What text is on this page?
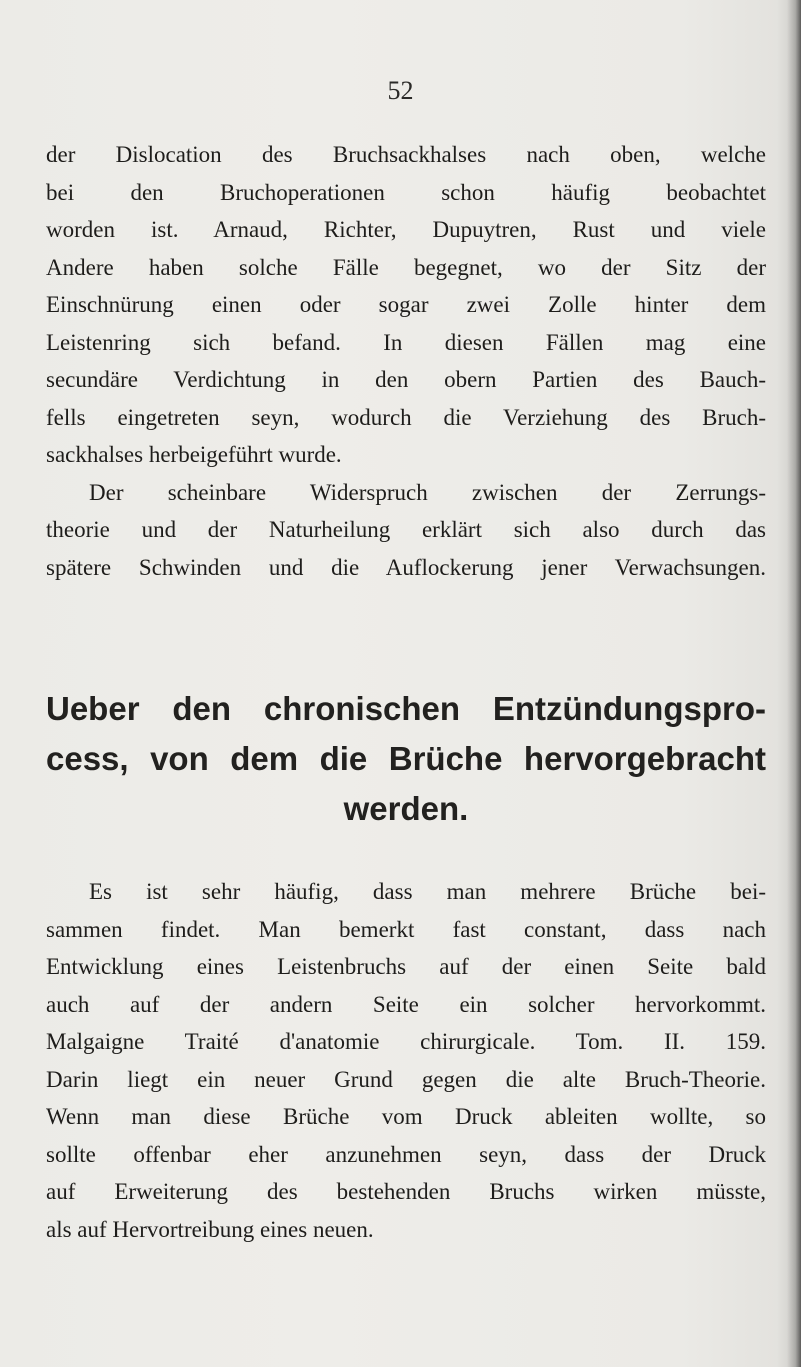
52
der Dislocation des Bruchsackhalses nach oben, welche
bei den Bruchoperationen schon häufig beobachtet
worden ist. Arnaud, Richter, Dupuytren, Rust und viele
Andere haben solche Fälle begegnet, wo der Sitz der
Einschnürung einen oder sogar zwei Zolle hinter dem
Leistenring sich befand. In diesen Fällen mag eine
secundäre Verdichtung in den obern Partien des Bauch-
fells eingetreten seyn, wodurch die Verziehung des Bruch-
sackhalses herbeigeführt wurde.
Der scheinbare Widerspruch zwischen der Zerrungs-
theorie und der Naturheilung erklärt sich also durch das
spätere Schwinden und die Auflockerung jener Verwachsungen.
Ueber den chronischen Entzündungspro-
cess, von dem die Brüche hervorgebracht
werden.
Es ist sehr häufig, dass man mehrere Brüche bei-
sammen findet. Man bemerkt fast constant, dass nach
Entwicklung eines Leistenbruchs auf der einen Seite bald
auch auf der andern Seite ein solcher hervorkommt.
Malgaigne Traité d'anatomie chirurgicale. Tom. II. 159.
Darin liegt ein neuer Grund gegen die alte Bruch-Theorie.
Wenn man diese Brüche vom Druck ableiten wollte, so
sollte offenbar eher anzunehmen seyn, dass der Druck
auf Erweiterung des bestehenden Bruchs wirken müsste,
als auf Hervortreibung eines neuen.
